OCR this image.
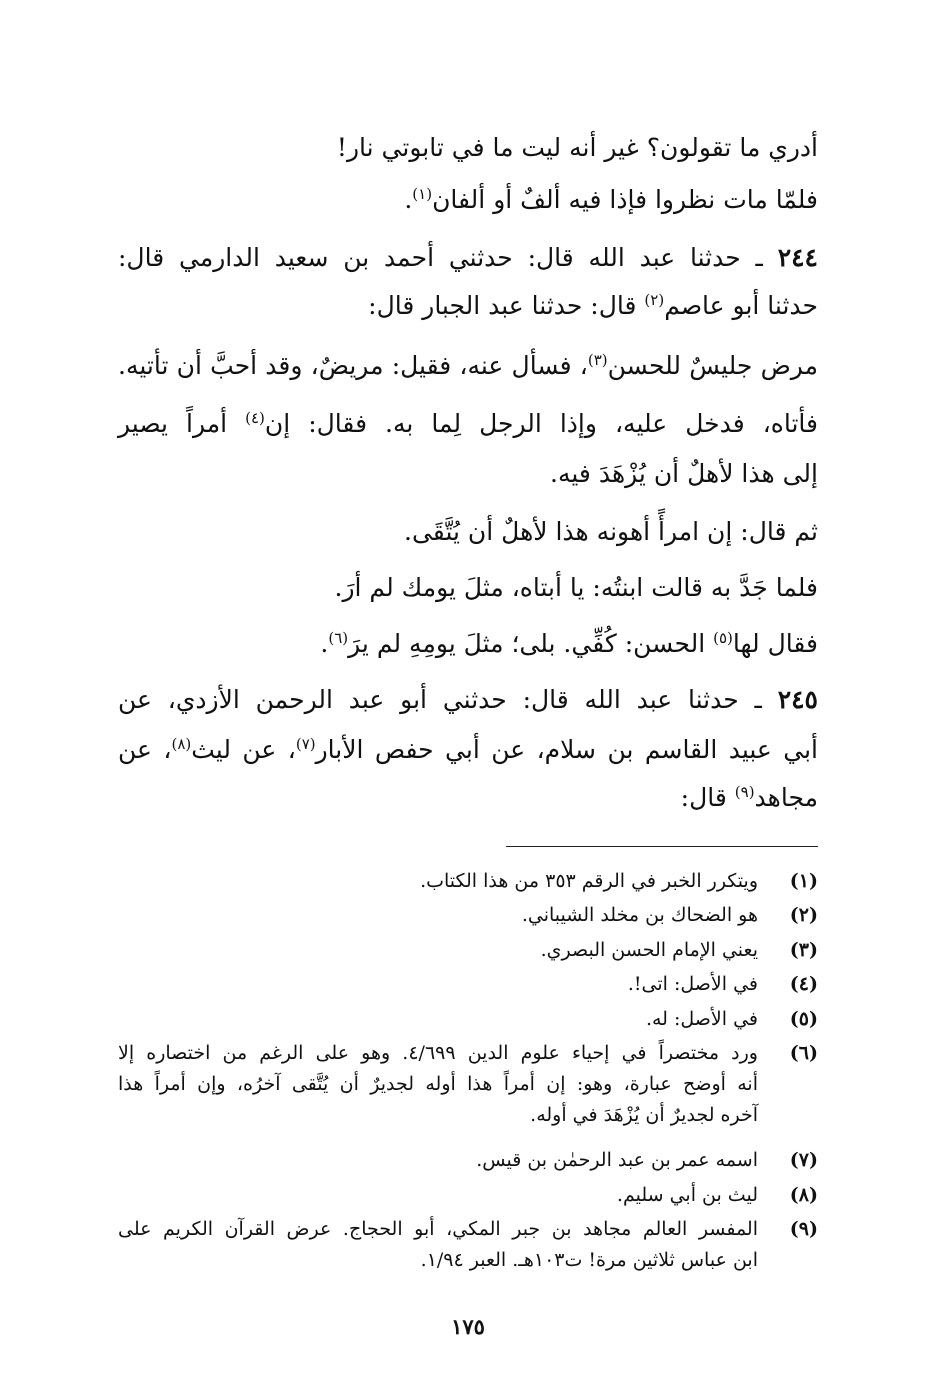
أدري ما تقولون؟ غير أنه ليت ما في تابوتي نار!
فلمّا مات نظروا فإذا فيه ألفٌ أو ألفان$^{(١)}$.
٢٤٤ ـ حدثنا عبد الله قال: حدثني أحمد بن سعيد الدارمي قال:
حدثنا أبو عاصم$^{(٢)}$ قال: حدثنا عبد الجبار قال:
مرض جليسٌ للحسن$^{(٣)}$، فسأل عنه، فقيل: مريضٌ، وقد أحبَّ أن تأتيه.
فأتاه، فدخل عليه، وإذا الرجل لِما به. فقال: إن$^{(٤)}$ أمراً يصير
إلى هذا لأهلٌ أن يُزْهَدَ فيه.
ثم قال: إن امرأً أهونه هذا لأهلٌ أن يُتَّقَى.
فلما جَدَّ به قالت ابنتُه: يا أبتاه، مثلَ يومك لم أرَ.
فقال لها$^{(٥)}$ الحسن: كُفِّي. بلى؛ مثلَ يومِهِ لم يرَ$^{(٦)}$.
٢٤٥ ـ حدثنا عبد الله قال: حدثني أبو عبد الرحمن الأزدي، عن
أبي عبيد القاسم بن سلام، عن أبي حفص الأبار$^{(٧)}$، عن ليث$^{(٨)}$، عن
مجاهد$^{(٩)}$ قال:
(١)
ويتكرر الخبر في الرقم ٣٥٣ من هذا الكتاب.
(٢)
هو الضحاك بن مخلد الشيباني.
(٣)
يعني الإمام الحسن البصري.
(٤)
في الأصل: اتى!.
(٥)
في الأصل: له.
(٦)
ورد مختصراً في إحياء علوم الدين ٤/٦٩٩. وهو على الرغم من اختصاره إلا
أنه أوضح عبارة، وهو: إن أمراً هذا أوله لجديرٌ أن يُتَّقى آخرُه، وإن أمراً هذا
آخره لجديرٌ أن يُزْهَدَ في أوله.
(٧)
اسمه عمر بن عبد الرحمٰن بن قيس.
(٨)
ليث بن أبي سليم.
(٩)
المفسر العالم مجاهد بن جبر المكي، أبو الحجاج. عرض القرآن الكريم على
ابن عباس ثلاثين مرة! ت١٠٣هـ. العبر ١/٩٤.
١٧٥
